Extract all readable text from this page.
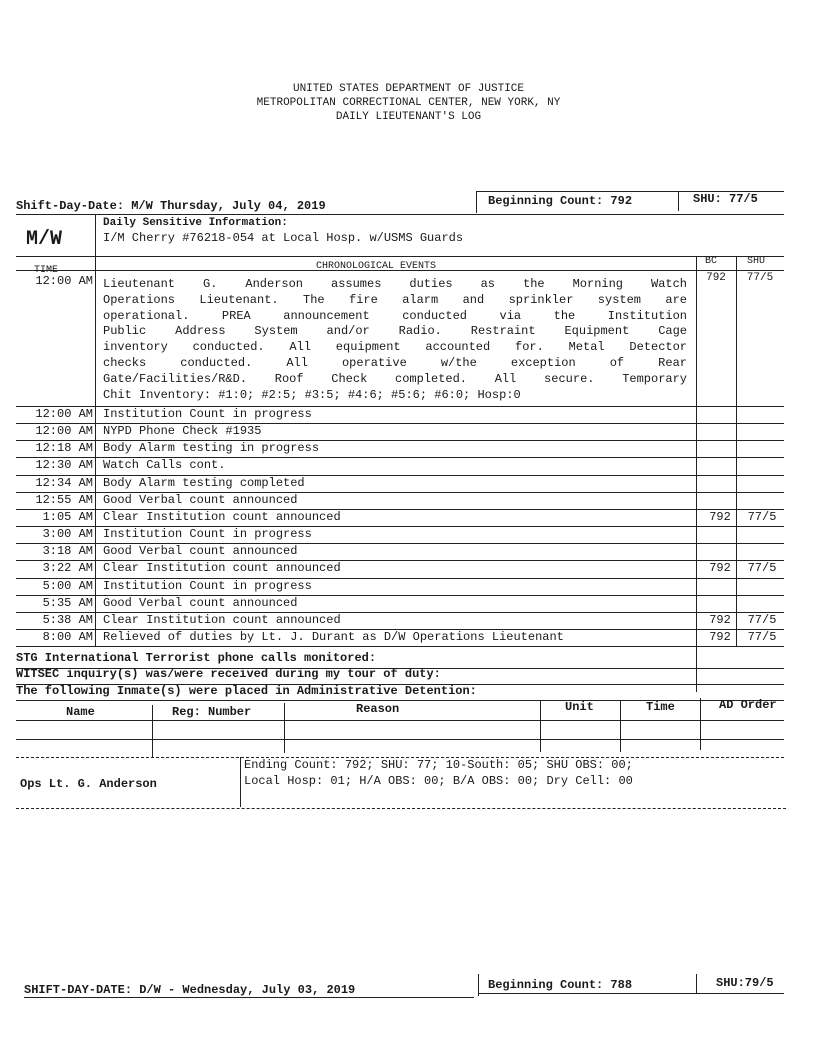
UNITED STATES DEPARTMENT OF JUSTICE
METROPOLITAN CORRECTIONAL CENTER, NEW YORK, NY
DAILY LIEUTENANT'S LOG
Shift-Day-Date: M/W Thursday, July 04, 2019	Beginning Count: 792	SHU: 77/5
M/W
Daily Sensitive Information:
I/M Cherry #76218-054 at Local Hosp. w/USMS Guards
TIME	CHRONOLOGICAL EVENTS	BC	SHU
12:00 AM Lieutenant G. Anderson assumes duties as the Morning Watch
Operations Lieutenant. The fire alarm and sprinkler system are
operational. PREA announcement conducted via the Institution
Public Address System and/or Radio. Restraint Equipment Cage
inventory conducted. All equipment accounted for. Metal Detector
checks conducted. All operative w/the exception of Rear
Gate/Facilities/R&D. Roof Check completed. All secure. Temporary
Chit Inventory: #1:0; #2:5; #3:5; #4:6; #5:6; #6:0; Hosp:0
792	77/5
12:00 AM Institution Count in progress
12:00 AM NYPD Phone Check #1935
12:18 AM Body Alarm testing in progress
12:30 AM Watch Calls cont.
12:34 AM Body Alarm testing completed
12:55 AM Good Verbal count announced
1:05 AM Clear Institution count announced	792	77/5
3:00 AM Institution Count in progress
3:18 AM Good Verbal count announced
3:22 AM Clear Institution count announced	792	77/5
5:00 AM Institution Count in progress
5:35 AM Good Verbal count announced
5:38 AM Clear Institution count announced	792	77/5
8:00 AM Relieved of duties by Lt. J. Durant as D/W Operations Lieutenant	792	77/5
STG International Terrorist phone calls monitored:
WITSEC inquiry(s) was/were received during my tour of duty:
The following Inmate(s) were placed in Administrative Detention:
Name	Reg: Number	Reason	Unit	Time	AD Order
Ops Lt. G. Anderson
Ending Count: 792; SHU: 77; 10-South: 05; SHU OBS: 00;
Local Hosp: 01; H/A OBS: 00; B/A OBS: 00; Dry Cell: 00
SHIFT-DAY-DATE: D/W - Wednesday, July 03, 2019	Beginning Count: 788	SHU:79/5
